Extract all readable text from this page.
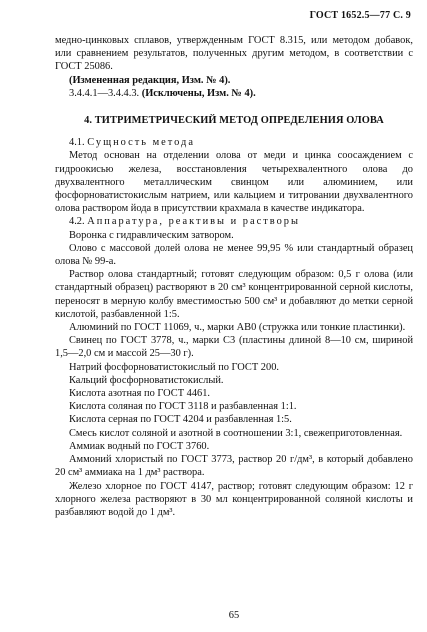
ГОСТ 1652.5—77 С. 9

медно-цинковых сплавов, утвержденным ГОСТ 8.315, или методом добавок, или сравнением результатов, полученных другим методом, в соответствии с ГОСТ 25086.

(Измененная редакция, Изм. № 4).

3.4.4.1—3.4.4.3. (Исключены, Изм. № 4).

4. ТИТРИМЕТРИЧЕСКИЙ МЕТОД ОПРЕДЕЛЕНИЯ ОЛОВА

4.1. Сущность метода

Метод основан на отделении олова от меди и цинка соосаждением с гидроокисью железа, восстановления четырехвалентного олова до двухвалентного металлическим свинцом или алюминием, или фосфорноватистокислым натрием, или кальцием и титровании двухвалентного олова раствором йода в присутствии крахмала в качестве индикатора.

4.2. Аппаратура, реактивы и растворы

Воронка с гидравлическим затвором.

Олово с массовой долей олова не менее 99,95 % или стандартный образец олова № 99-а.

Раствор олова стандартный; готовят следующим образом: 0,5 г олова (или стандартный образец) растворяют в 20 см³ концентрированной серной кислоты, переносят в мерную колбу вместимостью 500 см³ и добавляют до метки серной кислотой, разбавленной 1:5.

Алюминий по ГОСТ 11069, ч., марки АВ0 (стружка или тонкие пластинки).

Свинец по ГОСТ 3778, ч., марки С3 (пластины длиной 8—10 см, шириной 1,5—2,0 см и массой 25—30 г).

Натрий фосфорноватистокислый по ГОСТ 200.

Кальций фосфорноватистокислый.

Кислота азотная по ГОСТ 4461.

Кислота соляная по ГОСТ 3118 и разбавленная 1:1.

Кислота серная по ГОСТ 4204 и разбавленная 1:5.

Смесь кислот соляной и азотной в соотношении 3:1, свежеприготовленная.

Аммиак водный по ГОСТ 3760.

Аммоний хлористый по ГОСТ 3773, раствор 20 г/дм³, в который добавлено 20 см³ аммиака на 1 дм³ раствора.

Железо хлорное по ГОСТ 4147, раствор; готовят следующим образом: 12 г хлорного железа растворяют в 30 мл концентрированной соляной кислоты и разбавляют водой до 1 дм³.

65
